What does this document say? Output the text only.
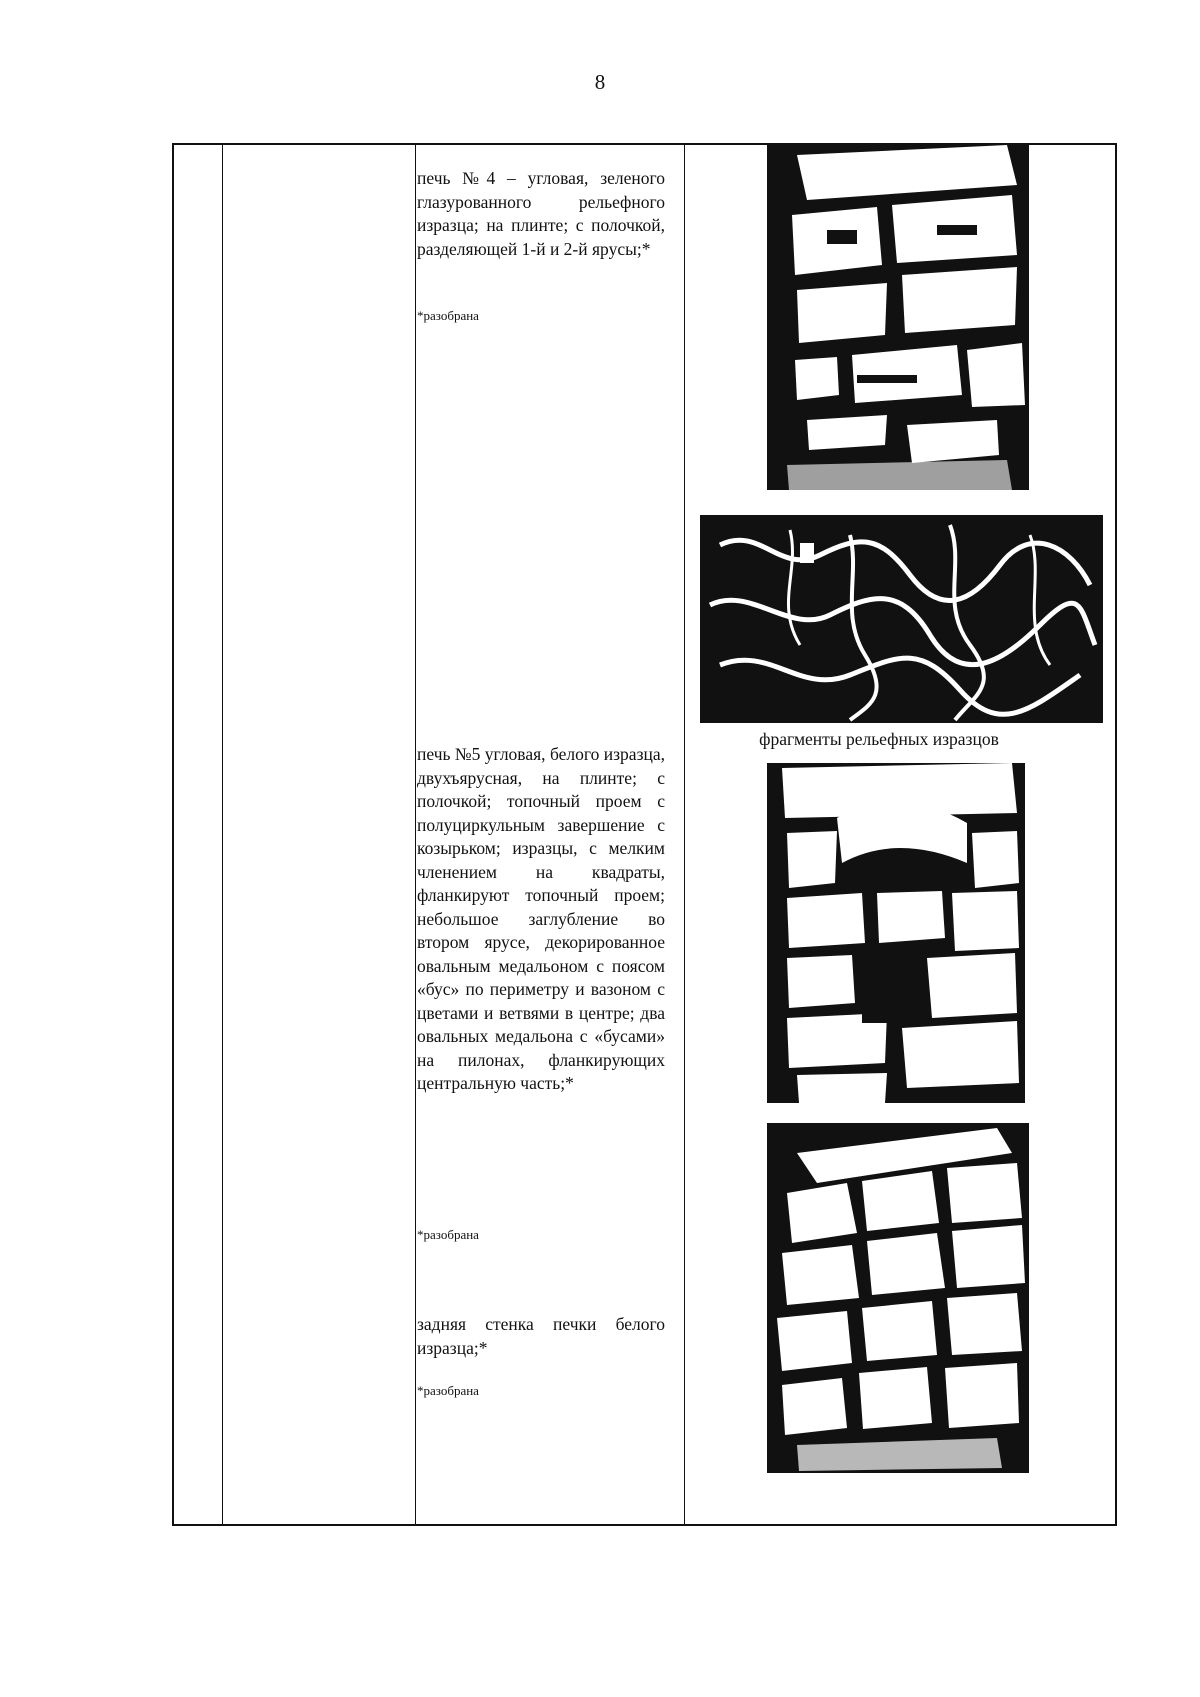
8

печь №4 – угловая, зеленого глазурованного рельефного изразца; на плинте; с полочкой, разделяющей 1-й и 2-й ярусы;*

*разобрана

печь №5 угловая, белого изразца, двухъярусная, на плинте; с полочкой; топочный проем с полуциркульным завершение с козырьком; изразцы, с мелким членением на квадраты, фланкируют топочный проем; небольшое заглубление во втором ярусе, декорированное овальным медальоном с поясом «бус» по периметру и вазоном с цветами и ветвями в центре; два овальных медальона с «бусами» на пилонах, фланкирующих центральную часть;*

*разобрана

задняя стенка печки белого изразца;*

*разобрана

фрагменты рельефных изразцов
